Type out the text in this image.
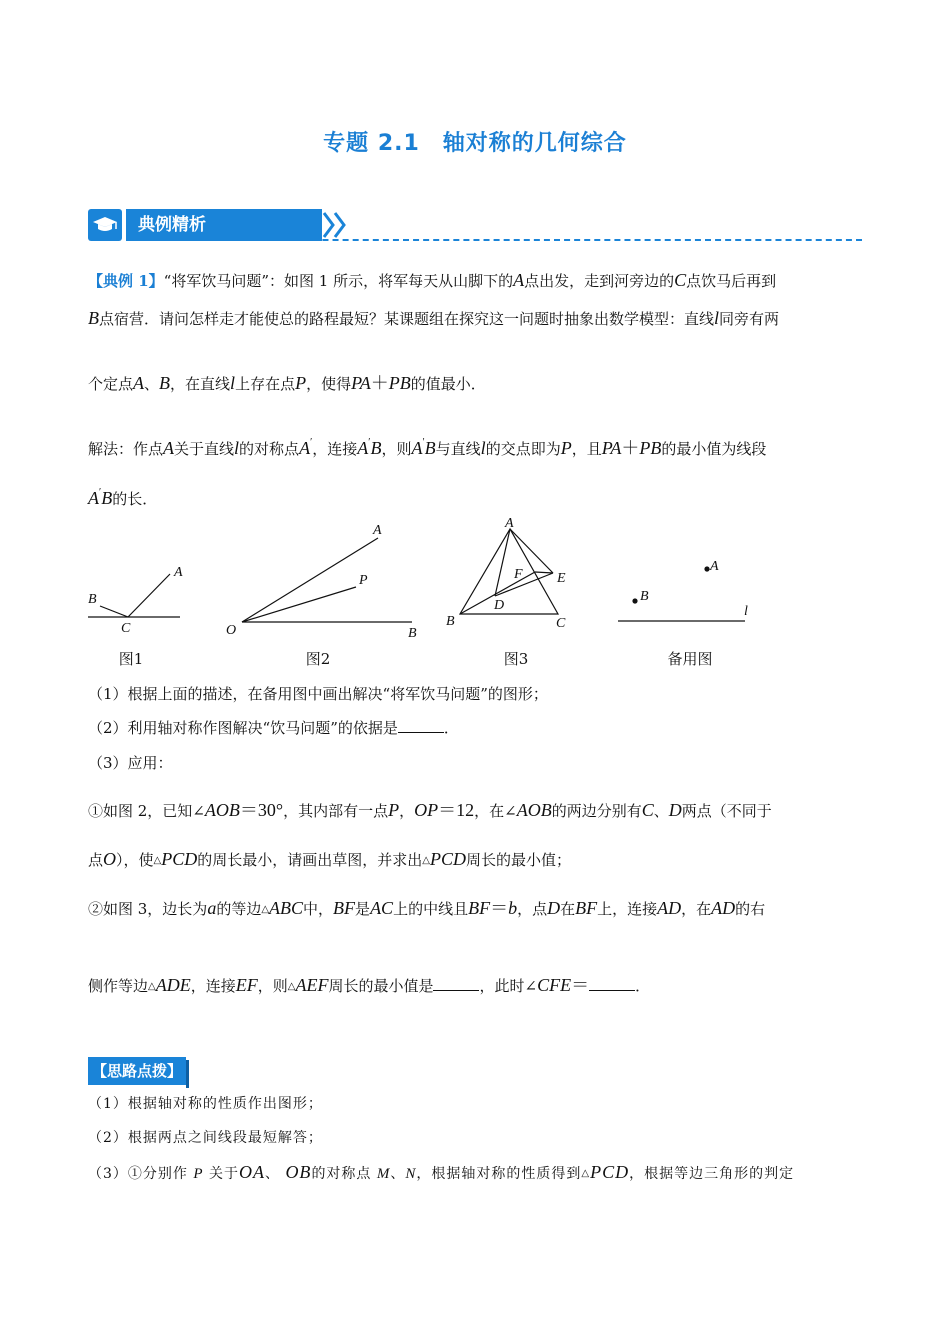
专题 2.1　轴对称的几何综合
典例精析
【典例 1】“将军饮马问题”：如图 1 所示，将军每天从山脚下的A点出发，走到河旁边的C点饮马后再到
B点宿营．请问怎样走才能使总的路程最短？某课题组在探究这一问题时抽象出数学模型：直线l同旁有两
个定点A、B，在直线l上存在点P，使得PA＋PB的值最小．
解法：作点A关于直线l的对称点A′，连接A′B，则A′B与直线l的交点即为P，且PA＋PB的最小值为线段
A′B的长．
A
B
C
图1
A
P
O	B
图2
A
F E
D
B	C
图3
A
B
l
备用图
（1）根据上面的描述，在备用图中画出解决“将军饮马问题”的图形；
（2）利用轴对称作图解决“饮马问题”的依据是	．
（3）应用：
①如图 2，已知∠AOB＝30°，其内部有一点P，OP＝12，在∠AOB的两边分别有C、D两点（不同于
点O），使△PCD的周长最小，请画出草图，并求出△PCD周长的最小值；
②如图 3，边长为a的等边△ABC中，BF是AC上的中线且BF＝b，点D在BF上，连接AD，在AD的右
侧作等边△ADE，连接EF，则△AEF周长的最小值是	，此时∠CFE＝	．
【思路点拨】
（1）根据轴对称的性质作出图形；
（2）根据两点之间线段最短解答；
（3）①分别作 P 关于OA、 OB的对称点 M、N，根据轴对称的性质得到△PCD，根据等边三角形的判定
